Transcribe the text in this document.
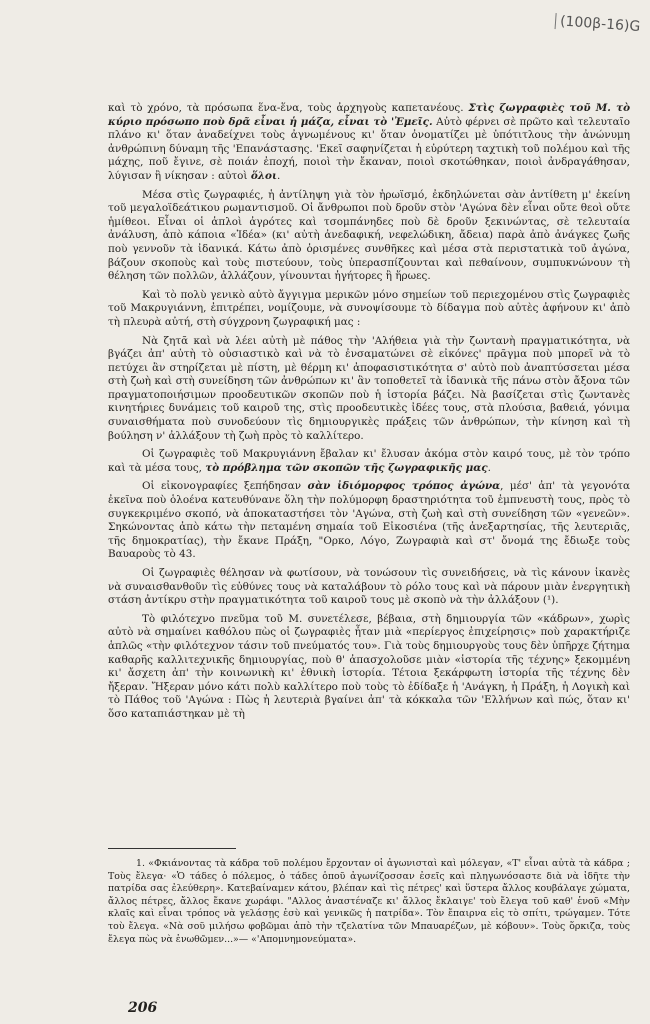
(100β-16)G

καὶ τὸ χρόνο, τὰ πρόσωπα ἕνα-ἕνα, τοὺς ἀρχηγοὺς καπετανέους. Στὶς ζωγραφιὲς τοῦ Μ. τὸ κύριο πρόσωπο ποὺ δρᾶ εἶναι ἡ μάζα, εἶναι τὸ 'Ἐμεῖς. Αὐτὸ φέρνει σὲ πρῶτο καὶ τελευταῖο πλάνο κι' ὅταν ἀναδείχνει τοὺς ἀγνωμένους κι' ὅταν ὀνοματίζει μὲ ὑπότιτλους τὴν ἀνώνυμη ἀνθρώπινη δύναμη τῆς 'Επανάστασης. 'Εκεῖ σαφηνίζεται ἡ εὐρύτερη ταχτικὴ τοῦ πολέμου καὶ τῆς μάχης, ποῦ ἔγινε, σὲ ποιάν ἐποχή, ποιοὶ τὴν ἔκαναν, ποιοὶ σκοτώθηκαν, ποιοὶ ἀνδραγάθησαν, λύγισαν ἢ νίκησαν : αὐτοὶ ὅλοι.

Μέσα στὶς ζωγραφιές, ἡ ἀντίληψη γιὰ τὸν ἡρωϊσμό, ἐκδηλώνεται σὰν ἀντίθετη μ' ἐκείνη τοῦ μεγαλοϊδεάτικου ρωμαντισμοῦ. Οἱ ἄνθρωποι ποὺ δροῦν στὸν 'Αγώνα δὲν εἶναι οὔτε θεοὶ οὔτε ἡμίθεοι. Εἶναι οἱ ἁπλοὶ ἀγρότες καὶ τσομπάνηδες ποὺ δὲ δροῦν ξεκινώντας, σὲ τελευταία ἀνάλυση, ἀπὸ κάποια «Ἰδέα» (κι' αὐτὴ ἀνεδαφική, νεφελώδικη, ἄδεια) παρὰ ἀπὸ ἀνάγκες ζωῆς ποὺ γεννοῦν τὰ ἰδανικά. Κάτω ἀπὸ ὁρισμένες συνθῆκες καὶ μέσα στὰ περιστατικὰ τοῦ ἀγώνα, βάζουν σκοποὺς καὶ τοὺς πιστεύουν, τοὺς ὑπερασπίζουνται καὶ πεθαίνουν, συμπυκνώνουν τὴ θέληση τῶν πολλῶν, ἀλλάζουν, γίνουνται ἡγήτορες ἢ ἥρωες.

Καὶ τὸ πολὺ γενικὸ αὐτὸ ἄγγιγμα μερικῶν μόνο σημείων τοῦ περιεχομένου στὶς ζωγραφιὲς τοῦ Μακρυγιάννη, ἐπιτρέπει, νομίζουμε, νὰ συνοψίσουμε τὸ δίδαγμα ποὺ αὐτὲς ἀφήνουν κι' ἀπὸ τὴ πλευρὰ αὐτή, στὴ σύγχρονη ζωγραφική μας :

Νὰ ζητᾶ καὶ νὰ λέει αὐτὴ μὲ πάθος τὴν 'Αλήθεια γιὰ τὴν ζωντανὴ πραγματικότητα, νὰ βγάζει ἀπ' αὐτὴ τὸ οὐσιαστικὸ καὶ νὰ τὸ ἐνσαματώνει σὲ εἰκόνες' πρᾶγμα ποὺ μπορεῖ νὰ τὸ πετύχει ἂν στηρίζεται μὲ πίστη, μὲ θέρμη κι' ἀποφασιστικότητα σ' αὐτὸ ποὺ ἀναπτύσσεται μέσα στὴ ζωὴ καὶ στὴ συνείδηση τῶν ἀνθρώπων κι' ἂν τοποθετεῖ τὰ ἰδανικὰ τῆς πάνω στὸν ἄξονα τῶν πραγματοποιήσιμων προοδευτικῶν σκοπῶν ποὺ ἡ ἱστορία βάζει. Νὰ βασίζεται στὶς ζωντανὲς κινητήριες δυνάμεις τοῦ καιροῦ της, στὶς προοδευτικὲς ἰδέες τους, στὰ πλούσια, βαθειά, γόνιμα συναισθήματα ποὺ συνοδεύουν τὶς δημιουργικὲς πράξεις τῶν ἀνθρώπων, τὴν κίνηση καὶ τὴ βούληση ν' ἀλλάξουν τὴ ζωὴ πρὸς τὸ καλλίτερο.

Οἱ ζωγραφιὲς τοῦ Μακρυγιάννη ἔβαλαν κι' ἔλυσαν ἀκόμα στὸν καιρό τους, μὲ τὸν τρόπο καὶ τὰ μέσα τους, τὸ πρόβλημα τῶν σκοπῶν τῆς ζωγραφικῆς μας.

Οἱ εἰκονογραφίες ξεπήδησαν σὰν ἰδιόμορφος τρόπος ἀγώνα, μέσ' ἀπ' τὰ γεγονότα ἐκεῖνα ποὺ ὁλοένα κατευθύνανε ὅλη τὴν πολύμορφη δραστηριότητα τοῦ ἐμπνευστὴ τους, πρὸς τὸ συγκεκριμένο σκοπό, νὰ ἀποκαταστήσει τὸν 'Αγώνα, στὴ ζωὴ καὶ στὴ συνείδηση τῶν «γενεῶν». Σηκώνοντας ἀπὸ κάτω τὴν πεταμένη σημαία τοῦ Εἰκοσιένα (τῆς ἀνεξαρτησίας, τῆς λευτεριᾶς, τῆς δημοκρατίας), τὴν ἔκανε Πράξη, "Ορκο, Λόγο, Ζωγραφιὰ καὶ στ' ὄνομά της ἔδιωξε τοὺς Βαυαροὺς τὸ 43.

Οἱ ζωγραφιὲς θέλησαν νὰ φωτίσουν, νὰ τονώσουν τὶς συνειδήσεις, νὰ τὶς κάνουν ἱκανὲς νὰ συναισθανθοῦν τὶς εὐθύνες τους νὰ καταλάβουν τὸ ρόλο τους καὶ νὰ πάρουν μιὰν ἐνεργητικὴ στάση ἀντίκρυ στὴν πραγματικότητα τοῦ καιροῦ τους μὲ σκοπὸ νὰ τὴν ἀλλάξουν (¹).

Τὸ φιλότεχνο πνεῦμα τοῦ Μ. συνετέλεσε, βέβαια, στὴ δημιουργία τῶν «κάδρων», χωρὶς αὐτὸ νὰ σημαίνει καθόλου πὼς οἱ ζωγραφιὲς ἦταν μιὰ «περίεργος ἐπιχείρησις» ποὺ χαρακτήριζε ἁπλῶς «τὴν φιλότεχνον τάσιν τοῦ πνεύματός του». Γιὰ τοὺς δημιουργοὺς τους δὲν ὑπῆρχε ζήτημα καθαρῆς καλλιτεχνικῆς δημιουργίας, ποὺ θ' ἀπασχολοῦσε μιὰν «ἱστορία τῆς τέχνης» ξεκομμένη κι' ἄσχετη ἀπ' τὴν κοινωνικὴ κι' ἐθνικὴ ἱστορία. Τέτοια ξεκάρφωτη ἱστορία τῆς τέχνης δὲν ἤξεραν. Ἤξεραν μόνο κάτι πολὺ καλλίτερο ποὺ τοὺς τὸ ἐδίδαξε ἡ 'Ανάγκη, ἡ Πράξη, ἡ Λογικὴ καὶ τὸ Πάθος τοῦ 'Αγώνα : Πὼς ἡ λευτεριὰ βγαίνει ἀπ' τὰ κόκκαλα τῶν 'Ελλήνων καὶ πώς, ὅταν κι' ὅσο καταπιάστηκαν μὲ τὴ

1. «Φκιάνοντας τὰ κάδρα τοῦ πολέμου ἔρχονταν οἱ ἀγωνισταὶ καὶ μόλεγαν, «Τ' εἶναι αὐτὰ τὰ κάδρα ; Τοὺς ἔλεγα· «Ὁ τάδες ὁ πόλεμος, ὁ τάδες ὁποῦ ἀγωνίζοσσαν ἐσεῖς καὶ πληγωνόσαστε διὰ νὰ ἰδῆτε τὴν πατρίδα σας ἐλεύθερη». Κατεβαίναμεν κάτου, βλέπαν καὶ τὶς πέτρες' καὶ ὕστερα ἄλλος κουβάλαγε χώματα, ἄλλος πέτρες, ἄλλος ἔκανε χωράφι. "Αλλος ἀναστέναζε κι' ἄλλος ἔκλαιγε' τοὺ ἔλεγα τοῦ καθ' ἑνοῦ «Μὴν κλαῖς καὶ εἶναι τρόπος νὰ γελάσῃς ἐσὺ καὶ γενικῶς ἡ πατρίδα». Τὸν ἔπαιρνα εἰς τὸ σπίτι, τρώγαμεν. Τότε τοὺ ἔλεγα. «Νὰ σοῦ μιλήσω φοβῶμαι ἀπὸ τὴν τζελατίνα τῶν Μπαυαρέζων, μὲ κόβουν». Τοὺς ὅρκιζα, τοὺς ἔλεγα πὼς νὰ ἑνωθῶμεν...»— «'Απομνημονεύματα».

206
